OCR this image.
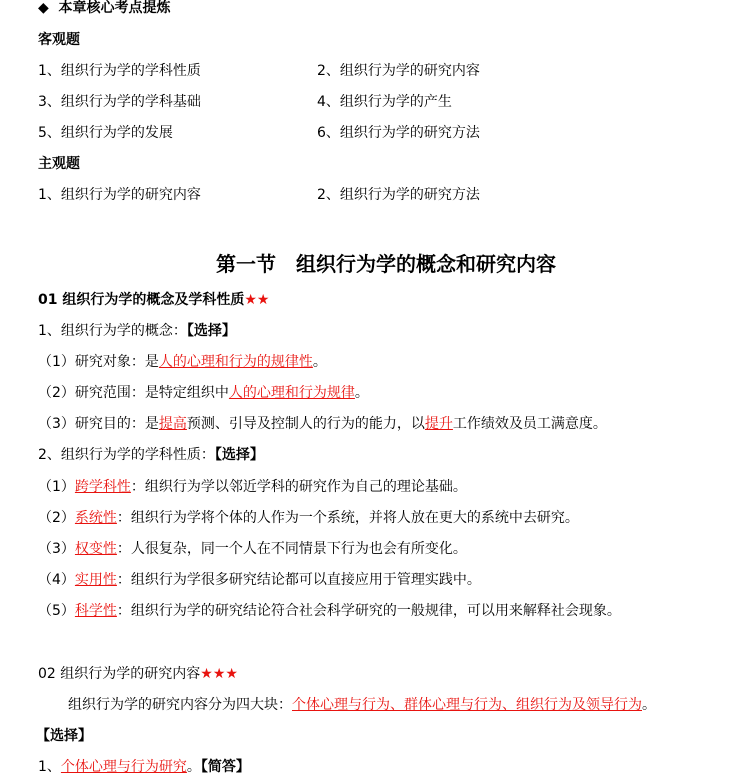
◆ 本章核心考点提炼
客观题
1、组织行为学的学科性质	2、组织行为学的研究内容
3、组织行为学的学科基础	4、组织行为学的产生
5、组织行为学的发展	6、组织行为学的研究方法
主观题
1、组织行为学的研究内容	2、组织行为学的研究方法
第一节　组织行为学的概念和研究内容
01 组织行为学的概念及学科性质★★
1、组织行为学的概念：【选择】
（1）研究对象：是人的心理和行为的规律性。
（2）研究范围：是特定组织中人的心理和行为规律。
（3）研究目的：是提高预测、引导及控制人的行为的能力，以提升工作绩效及员工满意度。
2、组织行为学的学科性质：【选择】
（1）跨学科性：组织行为学以邻近学科的研究作为自己的理论基础。
（2）系统性：组织行为学将个体的人作为一个系统，并将人放在更大的系统中去研究。
（3）权变性：人很复杂，同一个人在不同情景下行为也会有所变化。
（4）实用性：组织行为学很多研究结论都可以直接应用于管理实践中。
（5）科学性：组织行为学的研究结论符合社会科学研究的一般规律，可以用来解释社会现象。
02 组织行为学的研究内容★★★
组织行为学的研究内容分为四大块：个体心理与行为、群体心理与行为、组织行为及领导行为。
【选择】
1、个体心理与行为研究。【简答】
